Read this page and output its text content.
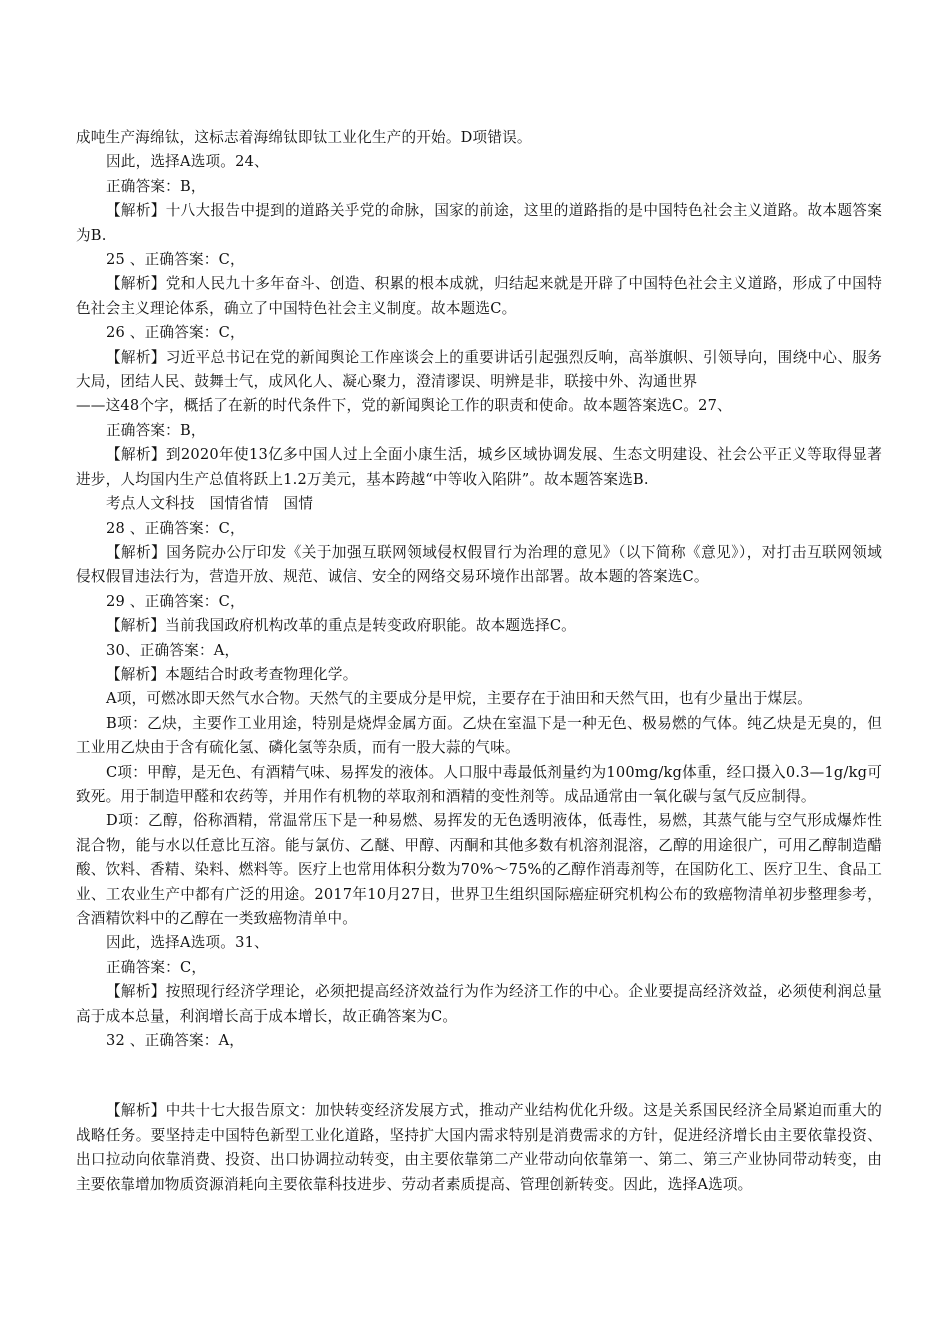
成吨生产海绵钛，这标志着海绵钛即钛工业化生产的开始。D项错误。

因此，选择A选项。24、

正确答案：B，

【解析】十八大报告中提到的道路关乎党的命脉，国家的前途，这里的道路指的是中国特色社会主义道路。故本题答案为B.

25 、正确答案：C，

【解析】党和人民九十多年奋斗、创造、积累的根本成就，归结起来就是开辟了中国特色社会主义道路，形成了中国特色社会主义理论体系，确立了中国特色社会主义制度。故本题选C。

26 、正确答案：C，

【解析】习近平总书记在党的新闻舆论工作座谈会上的重要讲话引起强烈反响，高举旗帜、引领导向，围绕中心、服务大局，团结人民、鼓舞士气，成风化人、凝心聚力，澄清谬误、明辨是非，联接中外、沟通世界

——这48个字，概括了在新的时代条件下，党的新闻舆论工作的职责和使命。故本题答案选C。27、

正确答案：B，

【解析】到2020年使13亿多中国人过上全面小康生活，城乡区域协调发展、生态文明建设、社会公平正义等取得显著进步，人均国内生产总值将跃上1.2万美元，基本跨越“中等收入陷阱”。故本题答案选B.

考点人文科技　国情省情　国情

28 、正确答案：C，

【解析】国务院办公厅印发《关于加强互联网领域侵权假冒行为治理的意见》（以下简称《意见》），对打击互联网领域侵权假冒违法行为，营造开放、规范、诚信、安全的网络交易环境作出部署。故本题的答案选C。

29 、正确答案：C，

【解析】当前我国政府机构改革的重点是转变政府职能。故本题选择C。

30、正确答案：A，

【解析】本题结合时政考查物理化学。

A项，可燃冰即天然气水合物。天然气的主要成分是甲烷，主要存在于油田和天然气田，也有少量出于煤层。

B项：乙炔，主要作工业用途，特别是烧焊金属方面。乙炔在室温下是一种无色、极易燃的气体。纯乙炔是无臭的，但工业用乙炔由于含有硫化氢、磷化氢等杂质，而有一股大蒜的气味。

C项：甲醇，是无色、有酒精气味、易挥发的液体。人口服中毒最低剂量约为100mg/kg体重，经口摄入0.3—1g/kg可致死。用于制造甲醛和农药等，并用作有机物的萃取剂和酒精的变性剂等。成品通常由一氧化碳与氢气反应制得。

D项：乙醇，俗称酒精，常温常压下是一种易燃、易挥发的无色透明液体，低毒性，易燃，其蒸气能与空气形成爆炸性混合物，能与水以任意比互溶。能与氯仿、乙醚、甲醇、丙酮和其他多数有机溶剂混溶，乙醇的用途很广，可用乙醇制造醋酸、饮料、香精、染料、燃料等。医疗上也常用体积分数为70%～75%的乙醇作消毒剂等，在国防化工、医疗卫生、食品工业、工农业生产中都有广泛的用途。2017年10月27日，世界卫生组织国际癌症研究机构公布的致癌物清单初步整理参考，含酒精饮料中的乙醇在一类致癌物清单中。

因此，选择A选项。31、

正确答案：C，

【解析】按照现行经济学理论，必须把提高经济效益行为作为经济工作的中心。企业要提高经济效益，必须使利润总量高于成本总量，利润增长高于成本增长，故正确答案为C。

32 、正确答案：A，

【解析】中共十七大报告原文：加快转变经济发展方式，推动产业结构优化升级。这是关系国民经济全局紧迫而重大的战略任务。要坚持走中国特色新型工业化道路，坚持扩大国内需求特别是消费需求的方针，促进经济增长由主要依靠投资、出口拉动向依靠消费、投资、出口协调拉动转变，由主要依靠第二产业带动向依靠第一、第二、第三产业协同带动转变，由主要依靠增加物质资源消耗向主要依靠科技进步、劳动者素质提高、管理创新转变。因此，选择A选项。
